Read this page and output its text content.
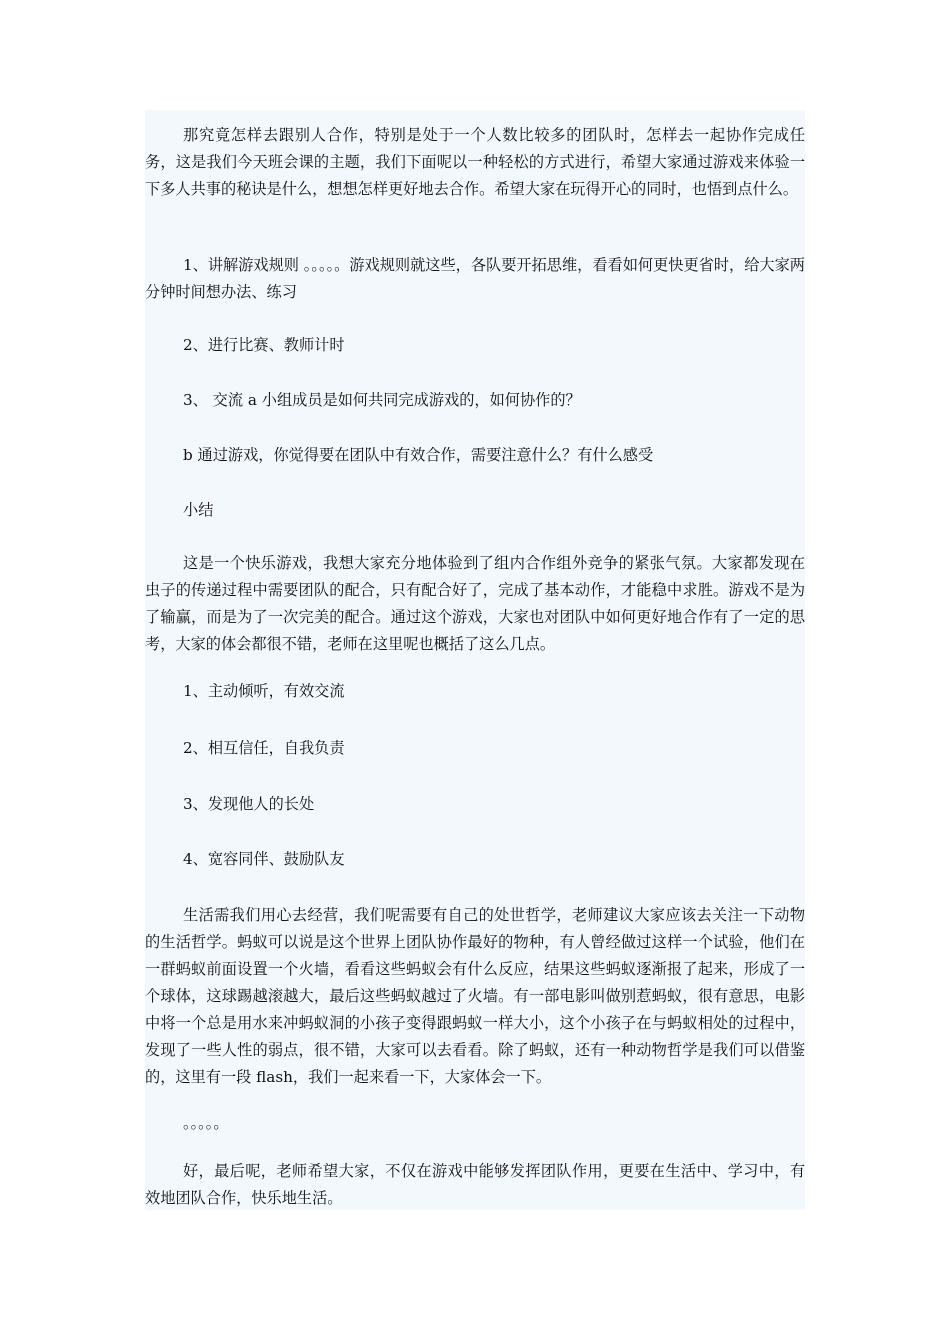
那究竟怎样去跟别人合作，特别是处于一个人数比较多的团队时，怎样去一起协作完成任务，这是我们今天班会课的主题，我们下面呢以一种轻松的方式进行，希望大家通过游戏来体验一下多人共事的秘诀是什么，想想怎样更好地去合作。希望大家在玩得开心的同时，也悟到点什么。

1、讲解游戏规则 。。。。。游戏规则就这些，各队要开拓思维，看看如何更快更省时，给大家两分钟时间想办法、练习

2、进行比赛、教师计时

3、 交流 a 小组成员是如何共同完成游戏的，如何协作的？

b 通过游戏，你觉得要在团队中有效合作，需要注意什么？有什么感受

小结

这是一个快乐游戏，我想大家充分地体验到了组内合作组外竞争的紧张气氛。大家都发现在虫子的传递过程中需要团队的配合，只有配合好了，完成了基本动作，才能稳中求胜。游戏不是为了输赢，而是为了一次完美的配合。通过这个游戏，大家也对团队中如何更好地合作有了一定的思考，大家的体会都很不错，老师在这里呢也概括了这么几点。

1、主动倾听，有效交流

2、相互信任，自我负责

3、发现他人的长处

4、宽容同伴、鼓励队友

生活需我们用心去经营，我们呢需要有自己的处世哲学，老师建议大家应该去关注一下动物的生活哲学。蚂蚁可以说是这个世界上团队协作最好的物种，有人曾经做过这样一个试验，他们在一群蚂蚁前面设置一个火墙，看看这些蚂蚁会有什么反应，结果这些蚂蚁逐渐报了起来，形成了一个球体，这球踢越滚越大，最后这些蚂蚁越过了火墙。有一部电影叫做别惹蚂蚁，很有意思，电影中将一个总是用水来冲蚂蚁洞的小孩子变得跟蚂蚁一样大小，这个小孩子在与蚂蚁相处的过程中，发现了一些人性的弱点，很不错，大家可以去看看。除了蚂蚁，还有一种动物哲学是我们可以借鉴的，这里有一段 flash，我们一起来看一下，大家体会一下。

。。。。。

好，最后呢，老师希望大家，不仅在游戏中能够发挥团队作用，更要在生活中、学习中，有效地团队合作，快乐地生活。
